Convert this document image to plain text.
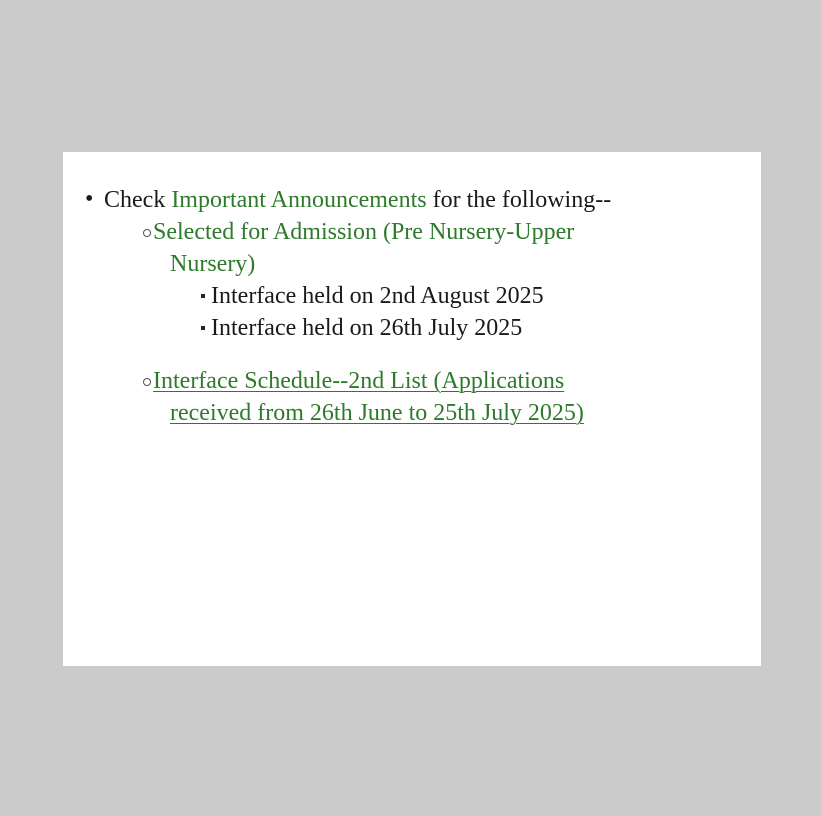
• Check Important Announcements for the following--
Selected for Admission (Pre Nursery-Upper
Nursery)
Interface held on 2nd August 2025
Interface held on 26th July 2025
Interface Schedule--2nd List (Applications
received from 26th June to 25th July 2025)
